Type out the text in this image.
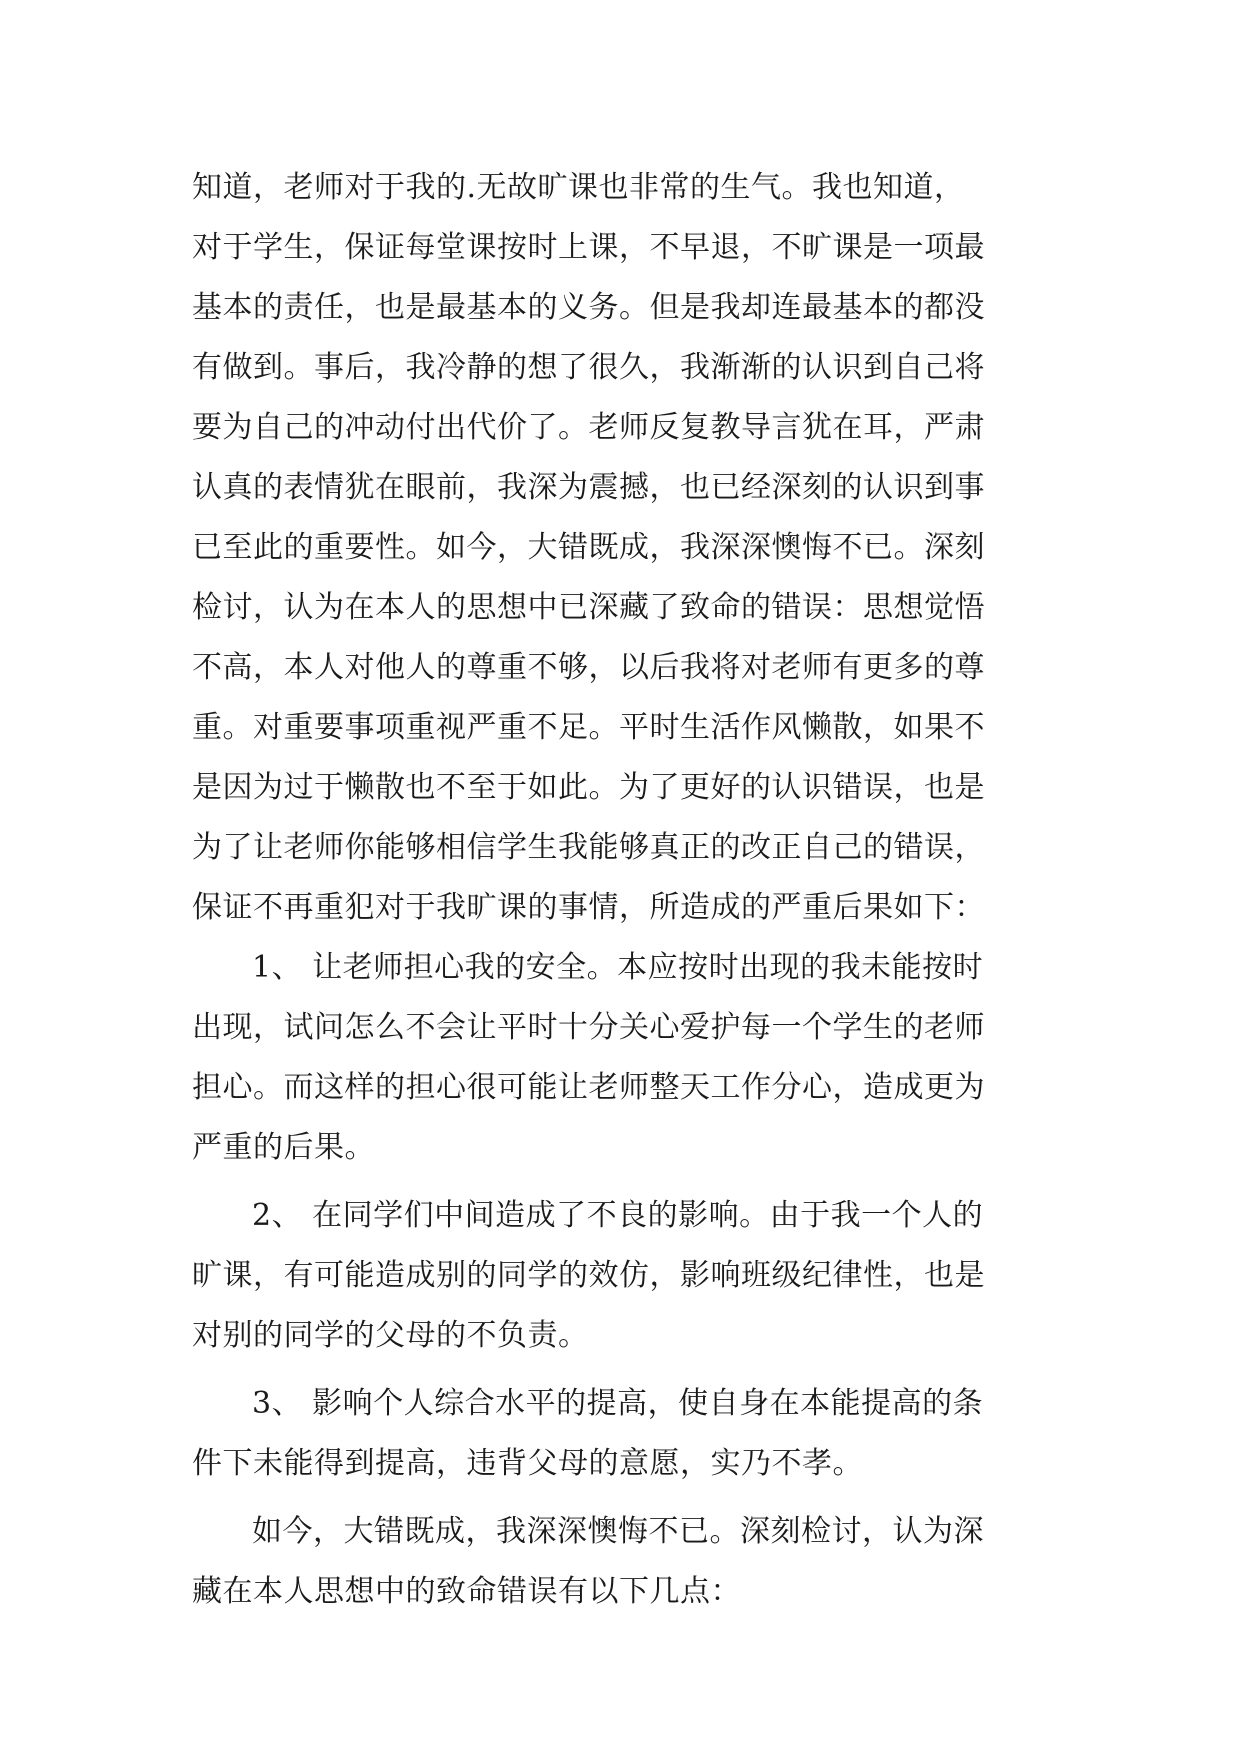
知道，老师对于我的.无故旷课也非常的生气。我也知道，
对于学生，保证每堂课按时上课，不早退，不旷课是一项最
基本的责任，也是最基本的义务。但是我却连最基本的都没
有做到。事后，我冷静的想了很久，我渐渐的认识到自己将
要为自己的冲动付出代价了。老师反复教导言犹在耳，严肃
认真的表情犹在眼前，我深为震撼，也已经深刻的认识到事
已至此的重要性。如今，大错既成，我深深懊悔不已。深刻
检讨，认为在本人的思想中已深藏了致命的错误：思想觉悟
不高，本人对他人的尊重不够，以后我将对老师有更多的尊
重。对重要事项重视严重不足。平时生活作风懒散，如果不
是因为过于懒散也不至于如此。为了更好的认识错误，也是
为了让老师你能够相信学生我能够真正的改正自己的错误，
保证不再重犯对于我旷课的事情，所造成的严重后果如下：
1、 让老师担心我的安全。本应按时出现的我未能按时
出现，试问怎么不会让平时十分关心爱护每一个学生的老师
担心。而这样的担心很可能让老师整天工作分心，造成更为
严重的后果。
2、 在同学们中间造成了不良的影响。由于我一个人的
旷课，有可能造成别的同学的效仿，影响班级纪律性，也是
对别的同学的父母的不负责。
3、 影响个人综合水平的提高，使自身在本能提高的条
件下未能得到提高，违背父母的意愿，实乃不孝。
如今，大错既成，我深深懊悔不已。深刻检讨，认为深
藏在本人思想中的致命错误有以下几点：
